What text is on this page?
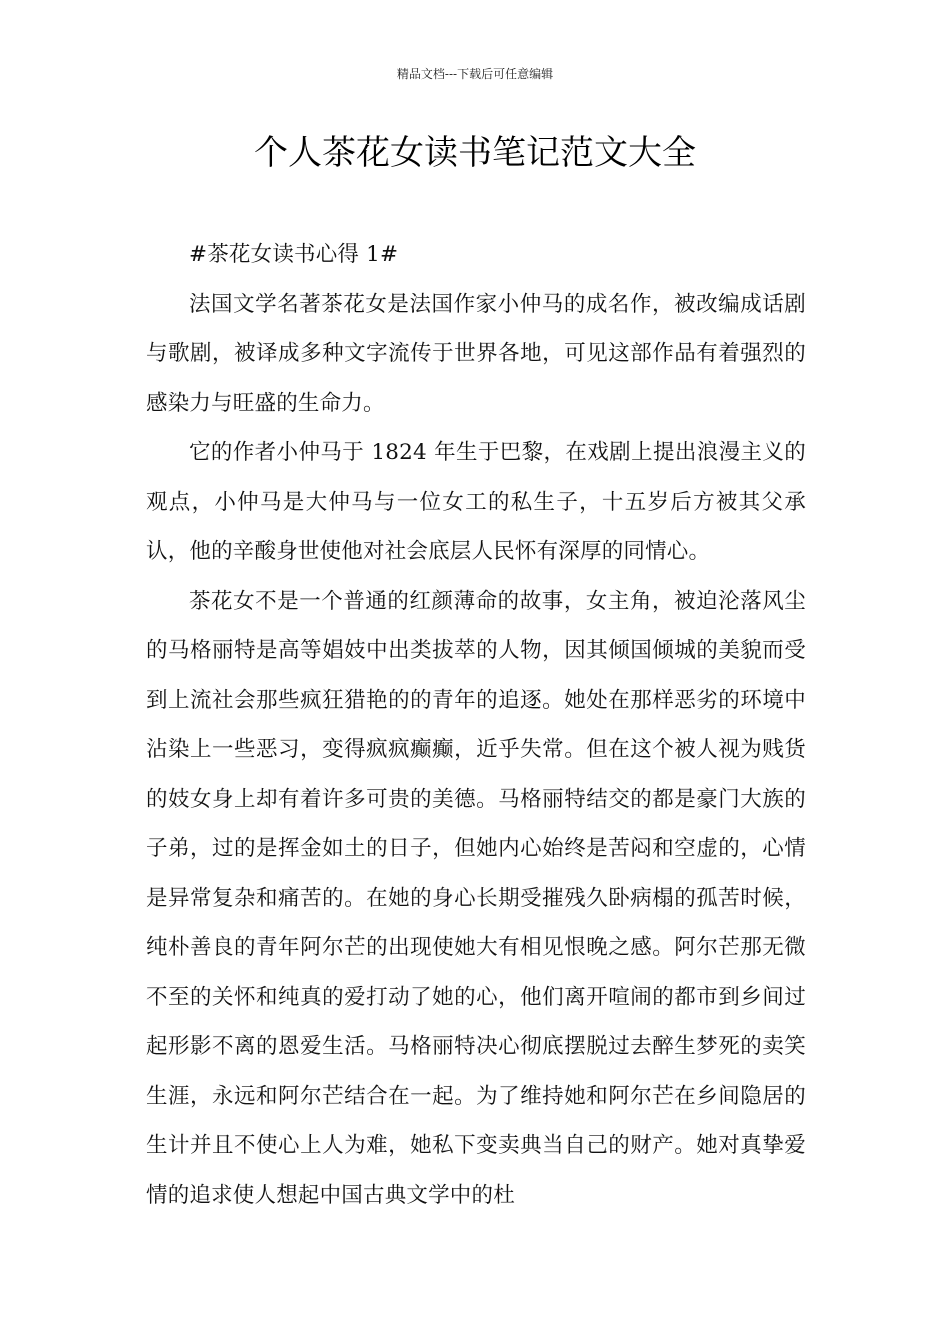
精品文档---下载后可任意编辑
个人茶花女读书笔记范文大全

#茶花女读书心得 1#

法国文学名著茶花女是法国作家小仲马的成名作，被改编成话剧与歌剧，被译成多种文字流传于世界各地，可见这部作品有着强烈的感染力与旺盛的生命力。

它的作者小仲马于 1824 年生于巴黎，在戏剧上提出浪漫主义的观点，小仲马是大仲马与一位女工的私生子，十五岁后方被其父承认，他的辛酸身世使他对社会底层人民怀有深厚的同情心。

茶花女不是一个普通的红颜薄命的故事，女主角，被迫沦落风尘的马格丽特是高等娼妓中出类拔萃的人物，因其倾国倾城的美貌而受到上流社会那些疯狂猎艳的的青年的追逐。她处在那样恶劣的环境中沾染上一些恶习，变得疯疯癫癫，近乎失常。但在这个被人视为贱货的妓女身上却有着许多可贵的美德。马格丽特结交的都是豪门大族的子弟，过的是挥金如土的日子，但她内心始终是苦闷和空虚的，心情是异常复杂和痛苦的。在她的身心长期受摧残久卧病榻的孤苦时候，纯朴善良的青年阿尔芒的出现使她大有相见恨晚之感。阿尔芒那无微不至的关怀和纯真的爱打动了她的心，他们离开喧闹的都市到乡间过起形影不离的恩爱生活。马格丽特决心彻底摆脱过去醉生梦死的卖笑生涯，永远和阿尔芒结合在一起。为了维持她和阿尔芒在乡间隐居的生计并且不使心上人为难，她私下变卖典当自己的财产。她对真挚爱情的追求使人想起中国古典文学中的杜
